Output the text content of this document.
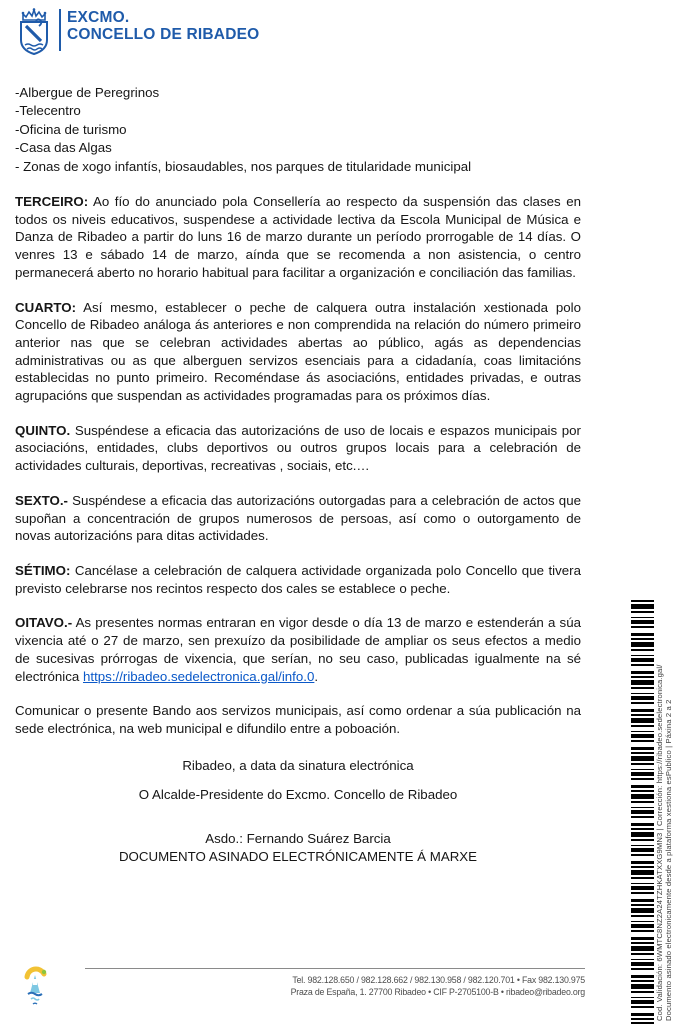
EXCMO.
CONCELLO DE RIBADEO
-Albergue de Peregrinos
-Telecentro
-Oficina de turismo
-Casa das Algas
- Zonas de xogo infantís, biosaudables, nos parques de titularidade municipal

TERCEIRO: Ao fío do anunciado pola Consellería ao respecto da suspensión das clases en todos os niveis educativos, suspendese a actividade lectiva da Escola Municipal de Música e Danza de Ribadeo a partir do luns 16 de marzo durante un período prorrogable de 14 días. O venres 13 e sábado 14 de marzo, aínda que se recomenda a non asistencia, o centro permanecerá aberto no horario habitual para facilitar a organización e conciliación das familias.

CUARTO: Así mesmo, establecer o peche de calquera outra instalación xestionada polo Concello de Ribadeo análoga ás anteriores e non comprendida na relación do número primeiro anterior nas que se celebran actividades abertas ao público, agás as dependencias administrativas ou as que alberguen servizos esenciais para a cidadanía, coas limitacións establecidas no punto primeiro. Recoméndase ás asociacións, entidades privadas, e outras agrupacións que suspendan as actividades programadas para os próximos días.

QUINTO. Suspéndese a eficacia das autorizacións de uso de locais e espazos municipais por asociacións, entidades, clubs deportivos ou outros grupos locais para a celebración de actividades culturais, deportivas, recreativas , sociais, etc.…

SEXTO.- Suspéndese a eficacia das autorizacións outorgadas para a celebración de actos que supoñan a concentración de grupos numerosos de persoas, así como o outorgamento de novas autorizacións para ditas actividades.

SÉTIMO: Cancélase a celebración de calquera actividade organizada polo Concello que tivera previsto celebrarse nos recintos respecto dos cales se establece o peche.

OITAVO.- As presentes normas entraran en vigor desde o día 13 de marzo e estenderán a súa vixencia até o 27 de marzo, sen prexuízo da posibilidade de ampliar os seus efectos a medio de sucesivas prórrogas de vixencia, que serían, no seu caso, publicadas igualmente na sé electrónica https://ribadeo.sedelectronica.gal/info.0.

Comunicar o presente Bando aos servizos municipais, así como ordenar a súa publicación na sede electrónica, na web municipal e difundilo entre a poboación.

Ribadeo, a data da sinatura electrónica
O Alcalde-Presidente do Excmo. Concello de Ribadeo
Asdo.: Fernando Suárez Barcia
DOCUMENTO ASINADO ELECTRÓNICAMENTE Á MARXE	Cod. Validación: 6WMTC8NZ2A24TZHKATXXG9MN3 | Corrección: https://ribadeo.sedelectronica.gal/ Documento asinado electronicamente desde a plataforma xestiona esPublico | Páxina 2 a 2
Tel. 982.128.650 / 982.128.662 / 982.130.958 / 982.120.701 • Fax 982.130.975
Praza de España, 1. 27700 Ribadeo • CIF P-2705100-B • ribadeo@ribadeo.org
